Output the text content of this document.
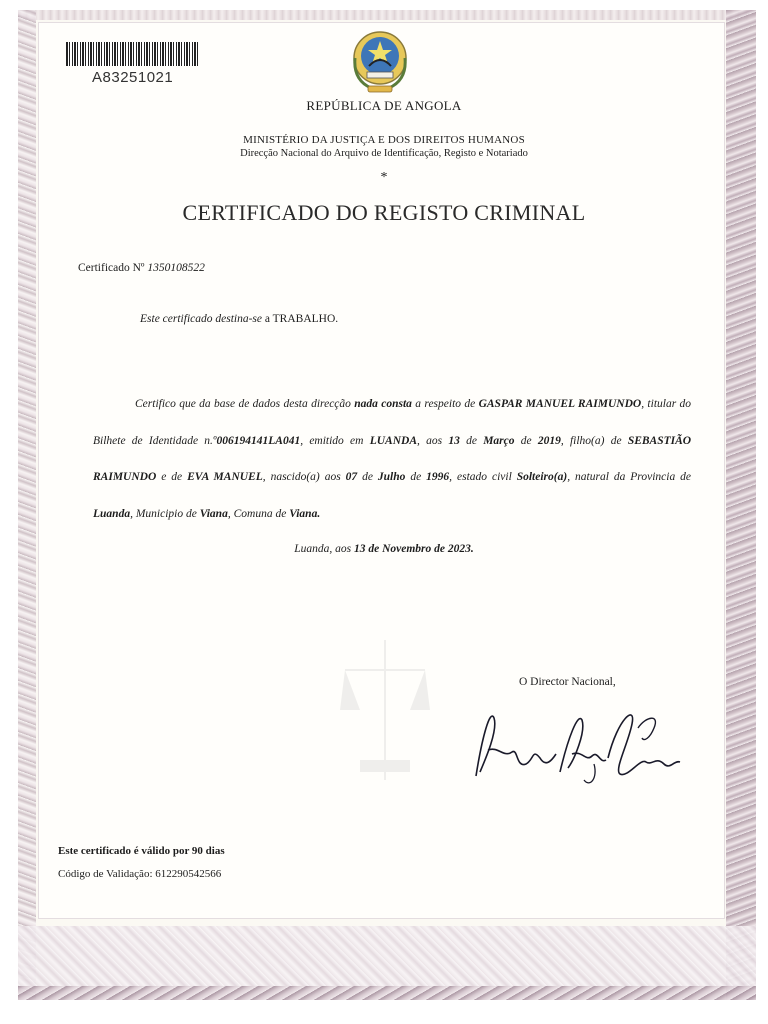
A83251021
REPÚBLICA DE ANGOLA
MINISTÉRIO DA JUSTIÇA E DOS DIREITOS HUMANOS
Direcção Nacional do Arquivo de Identificação, Registo e Notariado
*
CERTIFICADO DO REGISTO CRIMINAL
Certificado Nº 1350108522
Este certificado destina-se a TRABALHO.
Certifico que da base de dados desta direcção nada consta a respeito de GASPAR MANUEL RAIMUNDO, titular do Bilhete de Identidade n.º006194141LA041, emitido em LUANDA, aos 13 de Março de 2019, filho(a) de SEBASTIÃO RAIMUNDO e de EVA MANUEL, nascido(a) aos 07 de Julho de 1996, estado civil Solteiro(a), natural da Provincia de Luanda, Municipio de Viana, Comuna de Viana.
Luanda, aos 13 de Novembro de 2023.
O Director Nacional,
Este certificado é válido por 90 dias
Código de Validação: 612290542566
